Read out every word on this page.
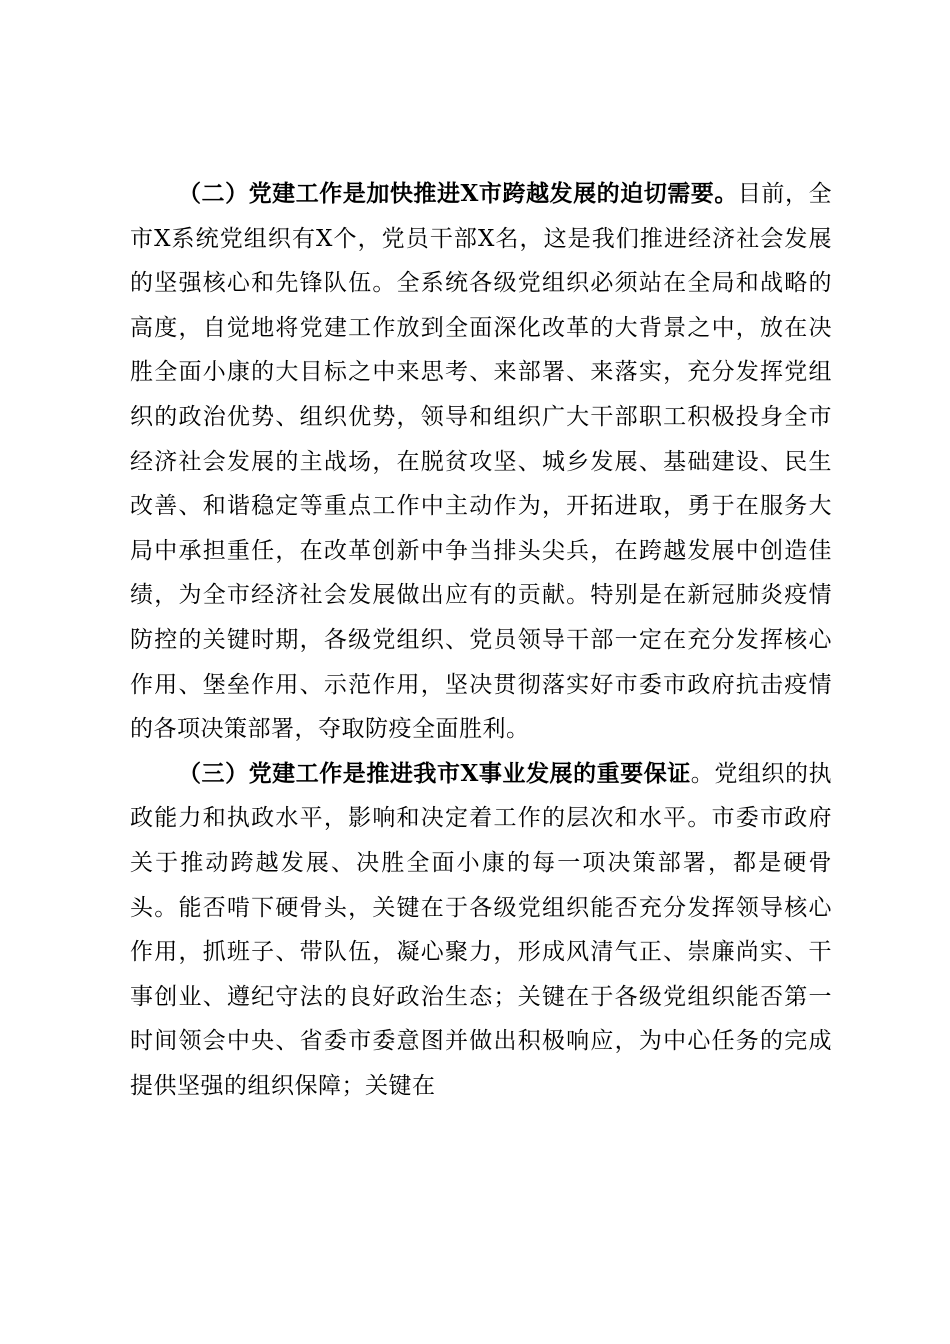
（二）党建工作是加快推进X市跨越发展的迫切需要。目前，全市X系统党组织有X个，党员干部X名，这是我们推进经济社会发展的坚强核心和先锋队伍。全系统各级党组织必须站在全局和战略的高度，自觉地将党建工作放到全面深化改革的大背景之中，放在决胜全面小康的大目标之中来思考、来部署、来落实，充分发挥党组织的政治优势、组织优势，领导和组织广大干部职工积极投身全市经济社会发展的主战场，在脱贫攻坚、城乡发展、基础建设、民生改善、和谐稳定等重点工作中主动作为，开拓进取，勇于在服务大局中承担重任，在改革创新中争当排头尖兵，在跨越发展中创造佳绩，为全市经济社会发展做出应有的贡献。特别是在新冠肺炎疫情防控的关键时期，各级党组织、党员领导干部一定在充分发挥核心作用、堡垒作用、示范作用，坚决贯彻落实好市委市政府抗击疫情的各项决策部署，夺取防疫全面胜利。

（三）党建工作是推进我市X事业发展的重要保证。党组织的执政能力和执政水平，影响和决定着工作的层次和水平。市委市政府关于推动跨越发展、决胜全面小康的每一项决策部署，都是硬骨头。能否啃下硬骨头，关键在于各级党组织能否充分发挥领导核心作用，抓班子、带队伍，凝心聚力，形成风清气正、崇廉尚实、干事创业、遵纪守法的良好政治生态；关键在于各级党组织能否第一时间领会中央、省委市委意图并做出积极响应，为中心任务的完成提供坚强的组织保障；关键在
